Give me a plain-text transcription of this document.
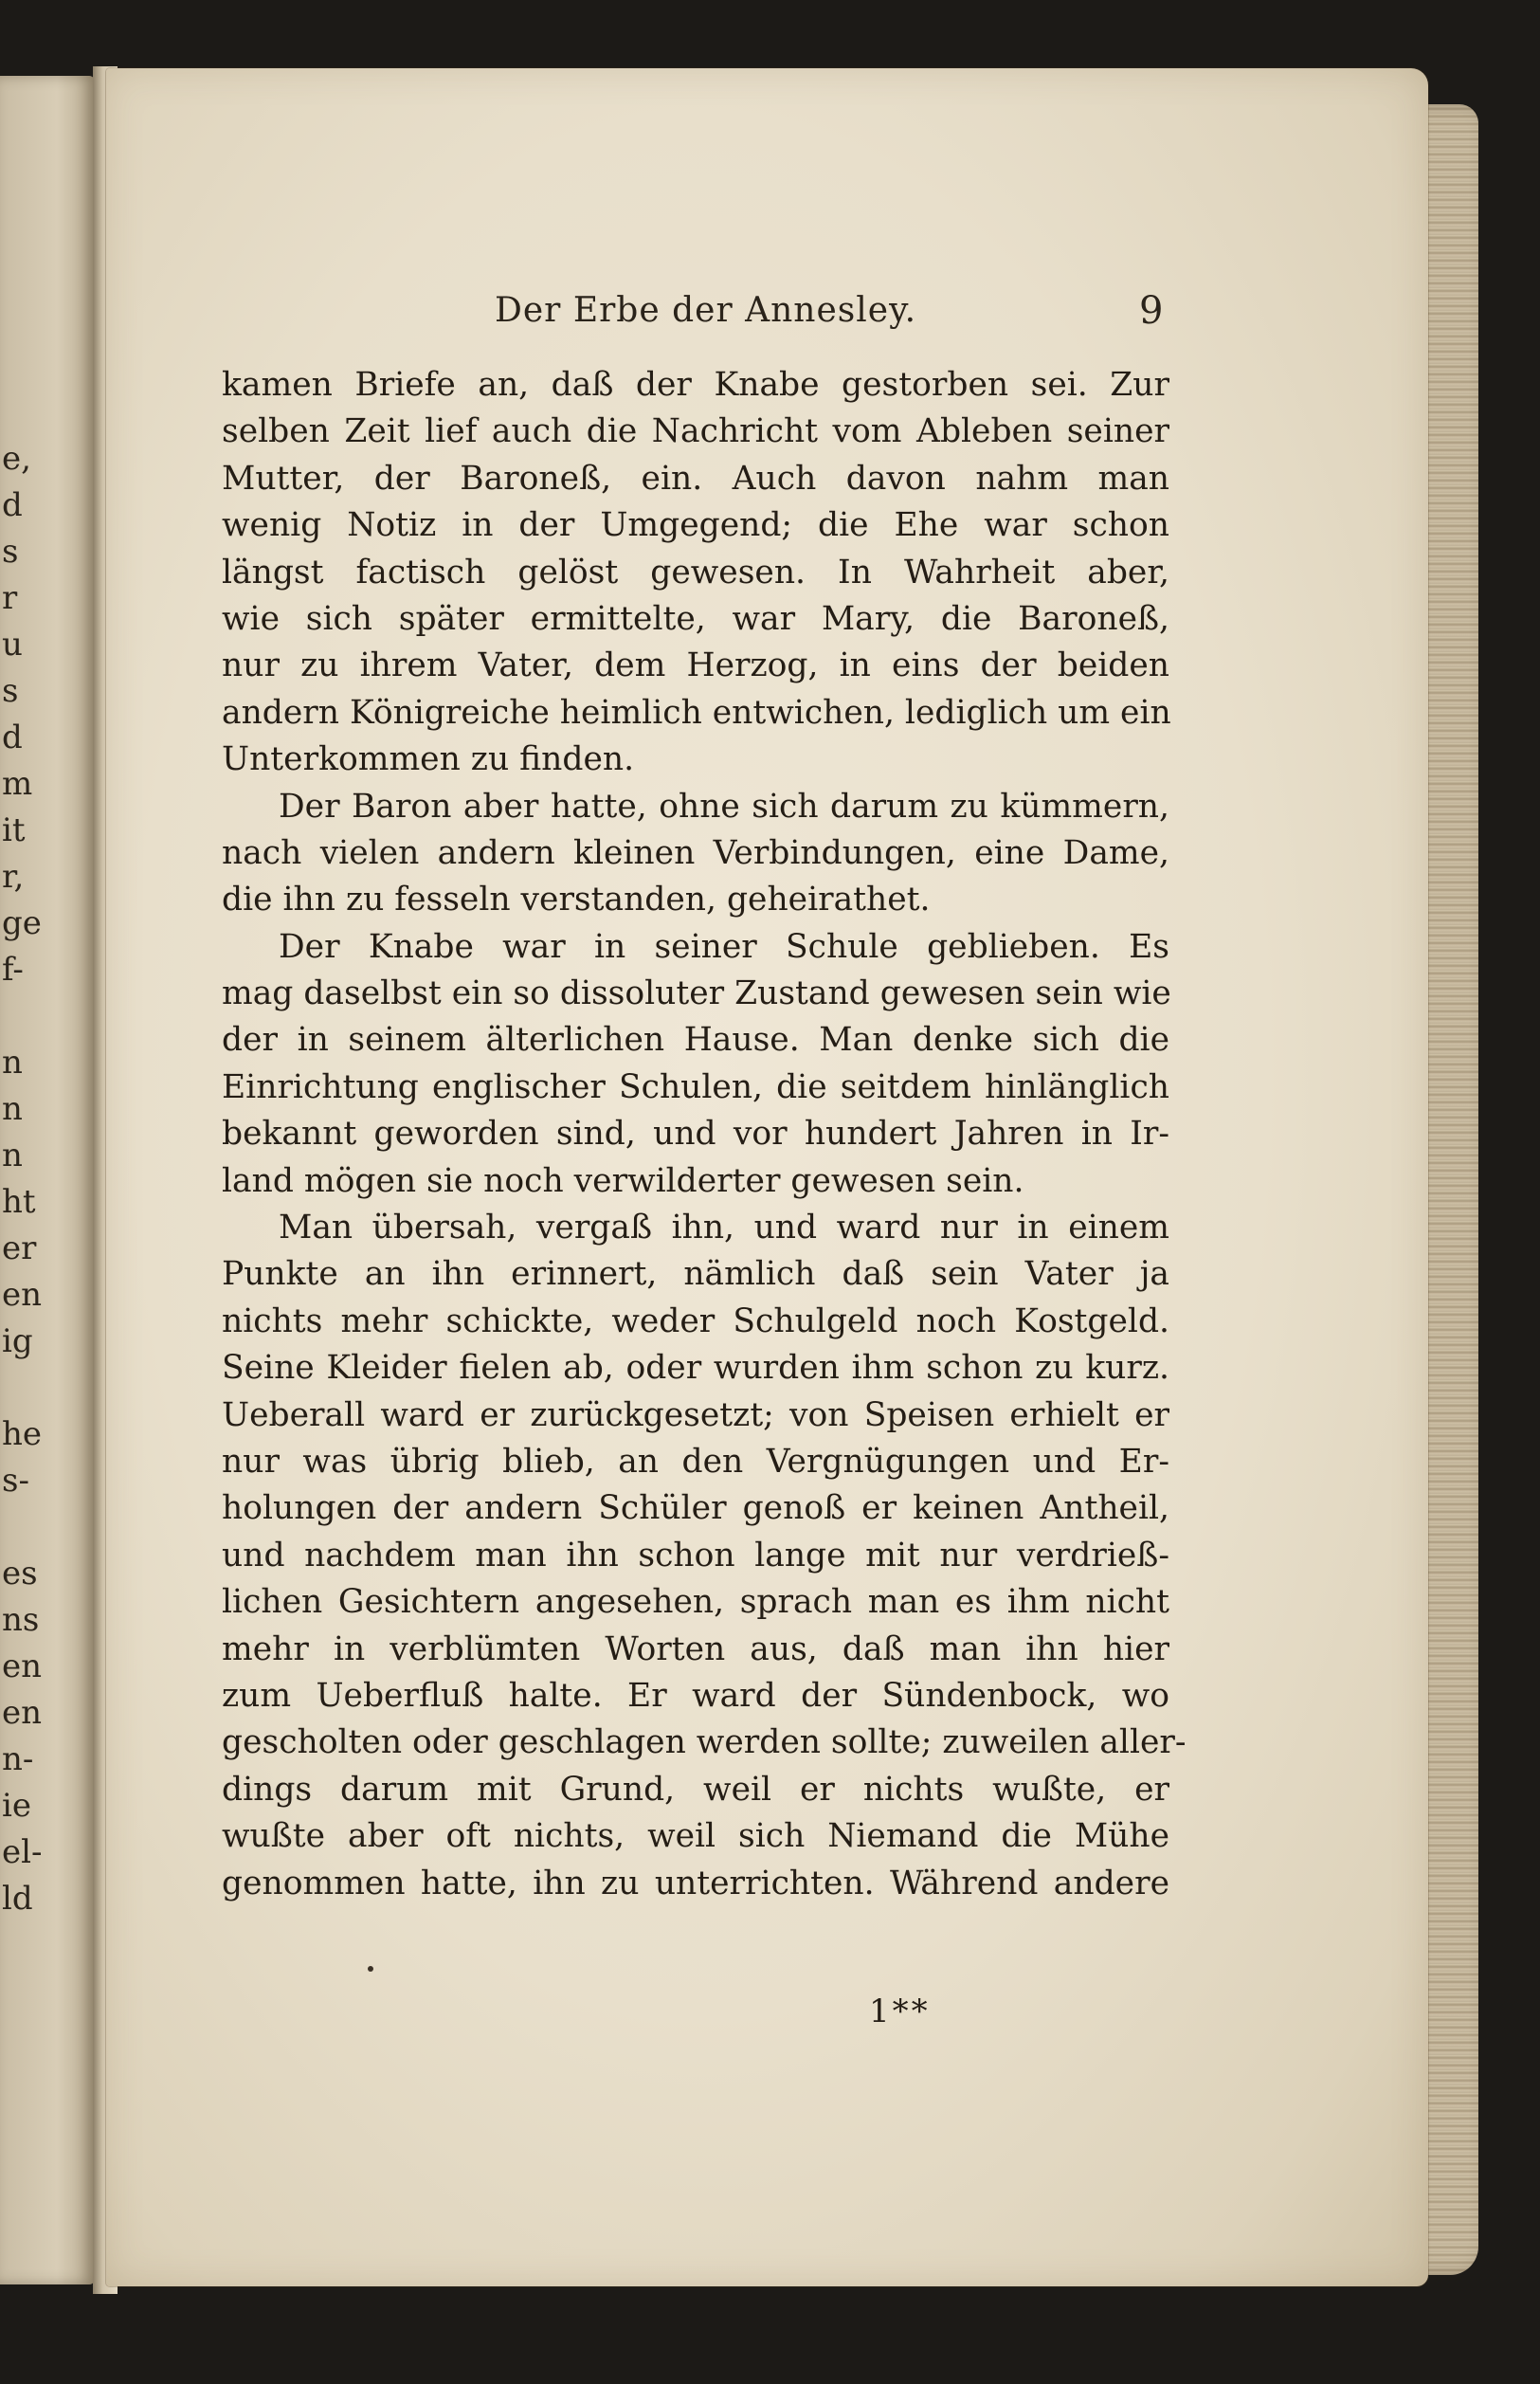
e,
d
s
r
u
s
d
m
it
r,
ge
f-
n
n
n
ht
er
en
ig
he
s-
es
ns
en
en
n-
ie
el-
ld
Der Erbe der Annesley.	9
kamen Briefe an, daß der Knabe gestorben sei. Zur
selben Zeit lief auch die Nachricht vom Ableben seiner
Mutter, der Baroneß, ein. Auch davon nahm man
wenig Notiz in der Umgegend; die Ehe war schon
längst factisch gelöst gewesen. In Wahrheit aber,
wie sich später ermittelte, war Mary, die Baroneß,
nur zu ihrem Vater, dem Herzog, in eins der beiden
andern Königreiche heimlich entwichen, lediglich um ein
Unterkommen zu finden.
Der Baron aber hatte, ohne sich darum zu kümmern,
nach vielen andern kleinen Verbindungen, eine Dame,
die ihn zu fesseln verstanden, geheirathet.
Der Knabe war in seiner Schule geblieben. Es
mag daselbst ein so dissoluter Zustand gewesen sein wie
der in seinem älterlichen Hause. Man denke sich die
Einrichtung englischer Schulen, die seitdem hinlänglich
bekannt geworden sind, und vor hundert Jahren in Ir-
land mögen sie noch verwilderter gewesen sein.
Man übersah, vergaß ihn, und ward nur in einem
Punkte an ihn erinnert, nämlich daß sein Vater ja
nichts mehr schickte, weder Schulgeld noch Kostgeld.
Seine Kleider fielen ab, oder wurden ihm schon zu kurz.
Ueberall ward er zurückgesetzt; von Speisen erhielt er
nur was übrig blieb, an den Vergnügungen und Er-
holungen der andern Schüler genoß er keinen Antheil,
und nachdem man ihn schon lange mit nur verdrieß-
lichen Gesichtern angesehen, sprach man es ihm nicht
mehr in verblümten Worten aus, daß man ihn hier
zum Ueberfluß halte. Er ward der Sündenbock, wo
gescholten oder geschlagen werden sollte; zuweilen aller-
dings darum mit Grund, weil er nichts wußte, er
wußte aber oft nichts, weil sich Niemand die Mühe
genommen hatte, ihn zu unterrichten. Während andere
1**
